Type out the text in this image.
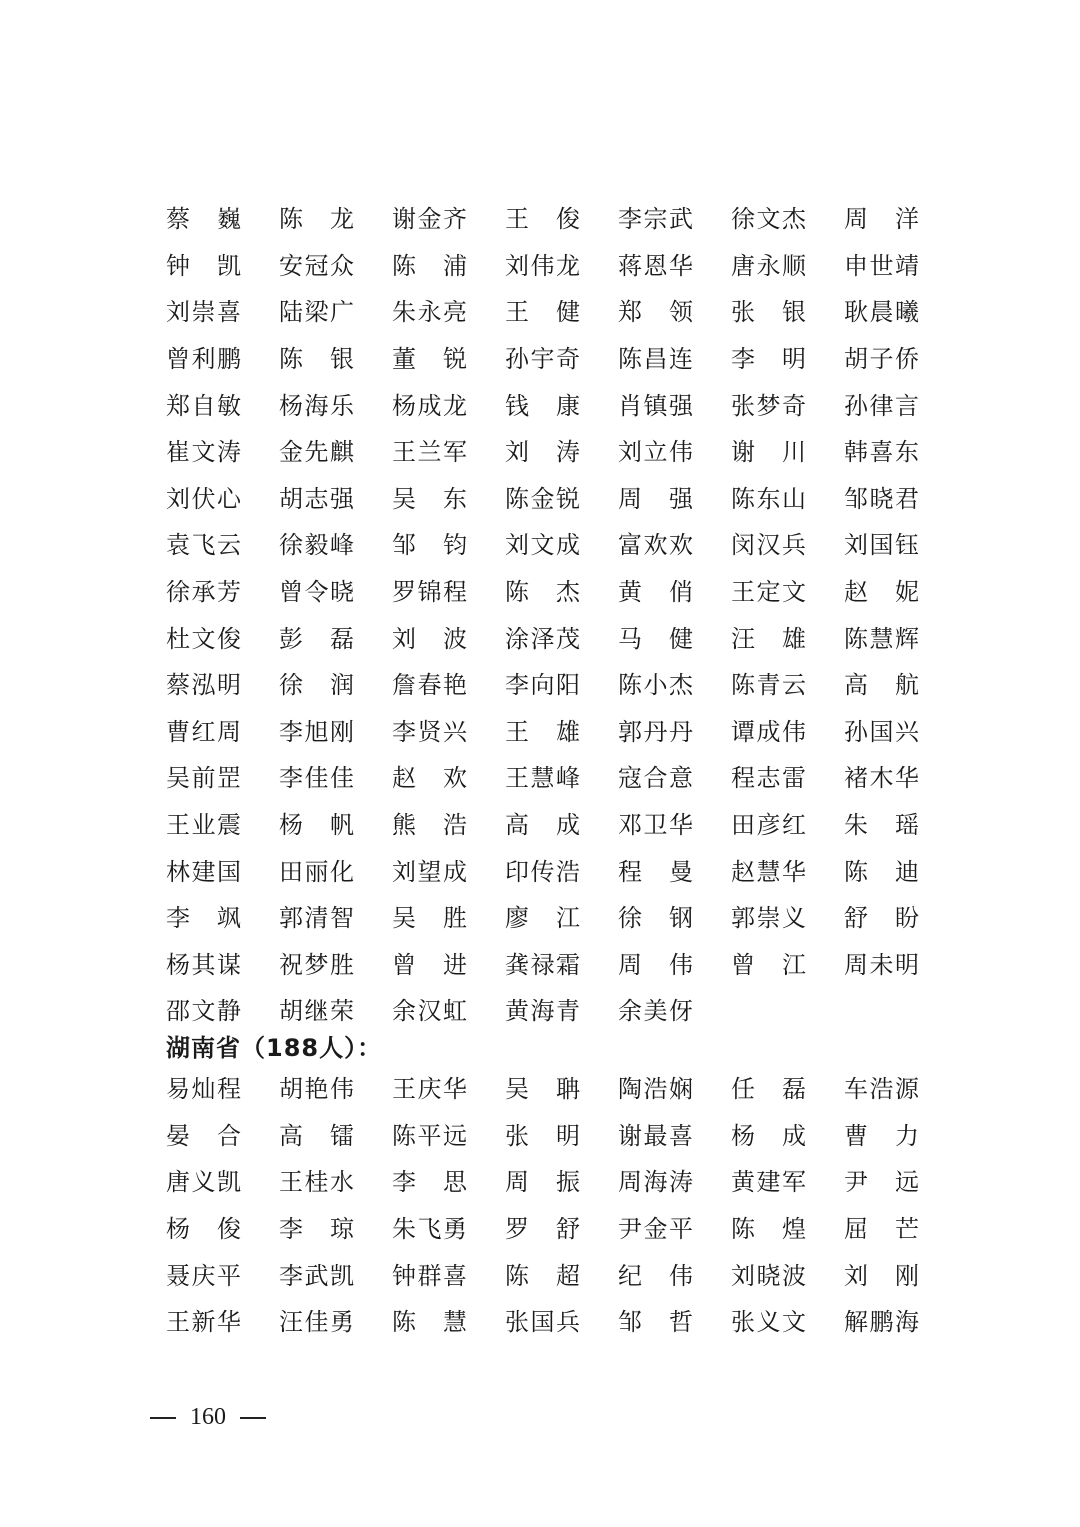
蔡 巍 陈 龙 谢 金 齐 王 俊 李 宗 武 徐 文 杰 周 洋
钟 凯 安 冠 众 陈 浦 刘 伟 龙 蒋 恩 华 唐 永 顺 申 世 靖
刘 崇 喜 陆 梁 广 朱 永 亮 王 健 郑 领 张 银 耿 晨 曦
曾 利 鹏 陈 银 董 锐 孙 宇 奇 陈 昌 连 李 明 胡 子 侨
郑 自 敏 杨 海 乐 杨 成 龙 钱 康 肖 镇 强 张 梦 奇 孙 律 言
崔 文 涛 金 先 麒 王 兰 军 刘 涛 刘 立 伟 谢 川 韩 喜 东
刘 伏 心 胡 志 强 吴 东 陈 金 锐 周 强 陈 东 山 邹 晓 君
袁 飞 云 徐 毅 峰 邹 钧 刘 文 成 富 欢 欢 闵 汉 兵 刘 国 钰
徐 承 芳 曾 令 晓 罗 锦 程 陈 杰 黄 俏 王 定 文 赵 妮
杜 文 俊 彭 磊 刘 波 涂 泽 茂 马 健 汪 雄 陈 慧 辉
蔡 泓 明 徐 润 詹 春 艳 李 向 阳 陈 小 杰 陈 青 云 高 航
曹 红 周 李 旭 刚 李 贤 兴 王 雄 郭 丹 丹 谭 成 伟 孙 国 兴
吴 前 罡 李 佳 佳 赵 欢 王 慧 峰 寇 合 意 程 志 雷 褚 木 华
王 业 震 杨 帆 熊 浩 高 成 邓 卫 华 田 彦 红 朱 瑶
林 建 国 田 丽 化 刘 望 成 印 传 浩 程 曼 赵 慧 华 陈 迪
李 飒 郭 清 智 吴 胜 廖 江 徐 钢 郭 崇 义 舒 盼
杨 其 谋 祝 梦 胜 曾 进 龚 禄 霜 周 伟 曾 江 周 未 明
邵 文 静 胡 继 荣 余 汉 虹 黄 海 青 余 美 伢
湖南省（188人）：
易 灿 程 胡 艳 伟 王 庆 华 吴 聃 陶 浩 娴 任 磊 车 浩 源
晏 合 高 镭 陈 平 远 张 明 谢 最 喜 杨 成 曹 力
唐 义 凯 王 桂 水 李 思 周 振 周 海 涛 黄 建 军 尹 远
杨 俊 李 琼 朱 飞 勇 罗 舒 尹 金 平 陈 煌 屈 芒
聂 庆 平 李 武 凯 钟 群 喜 陈 超 纪 伟 刘 晓 波 刘 刚
王 新 华 汪 佳 勇 陈 慧 张 国 兵 邹 哲 张 义 文 解 鹏 海
160
